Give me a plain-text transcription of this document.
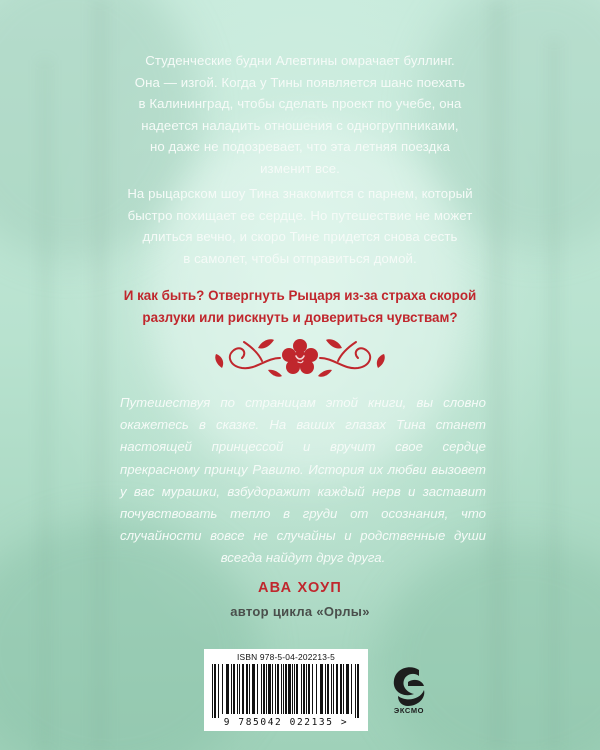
Студенческие будни Алевтины омрачает буллинг.
Она — изгой. Когда у Тины появляется шанс поехать
в Калининград, чтобы сделать проект по учебе, она
надеется наладить отношения с одногруппниками,
но даже не подозревает, что эта летняя поездка
изменит все.
На рыцарском шоу Тина знакомится с парнем, который
быстро похищает ее сердце. Но путешествие не может
длиться вечно, и скоро Тине придется снова сесть
в самолет, чтобы отправиться домой.
И как быть? Отвергнуть Рыцаря из-за страха скорой
разлуки или рискнуть и довериться чувствам?
Путешествуя по страницам этой книги, вы словно окажетесь в сказке. На ваших глазах Тина станет настоящей принцессой и вручит свое сердце прекрасному принцу Равилю. История их любви вызовет у вас мурашки, взбудоражит каждый нерв и заставит почувствовать тепло в груди от осознания, что случайности вовсе не случайны и родственные души всегда найдут друг друга.
АВА ХОУП
автор цикла «Орлы»
ISBN 978-5-04-202213-5
9 785042 022135 >
ЭКСМО
